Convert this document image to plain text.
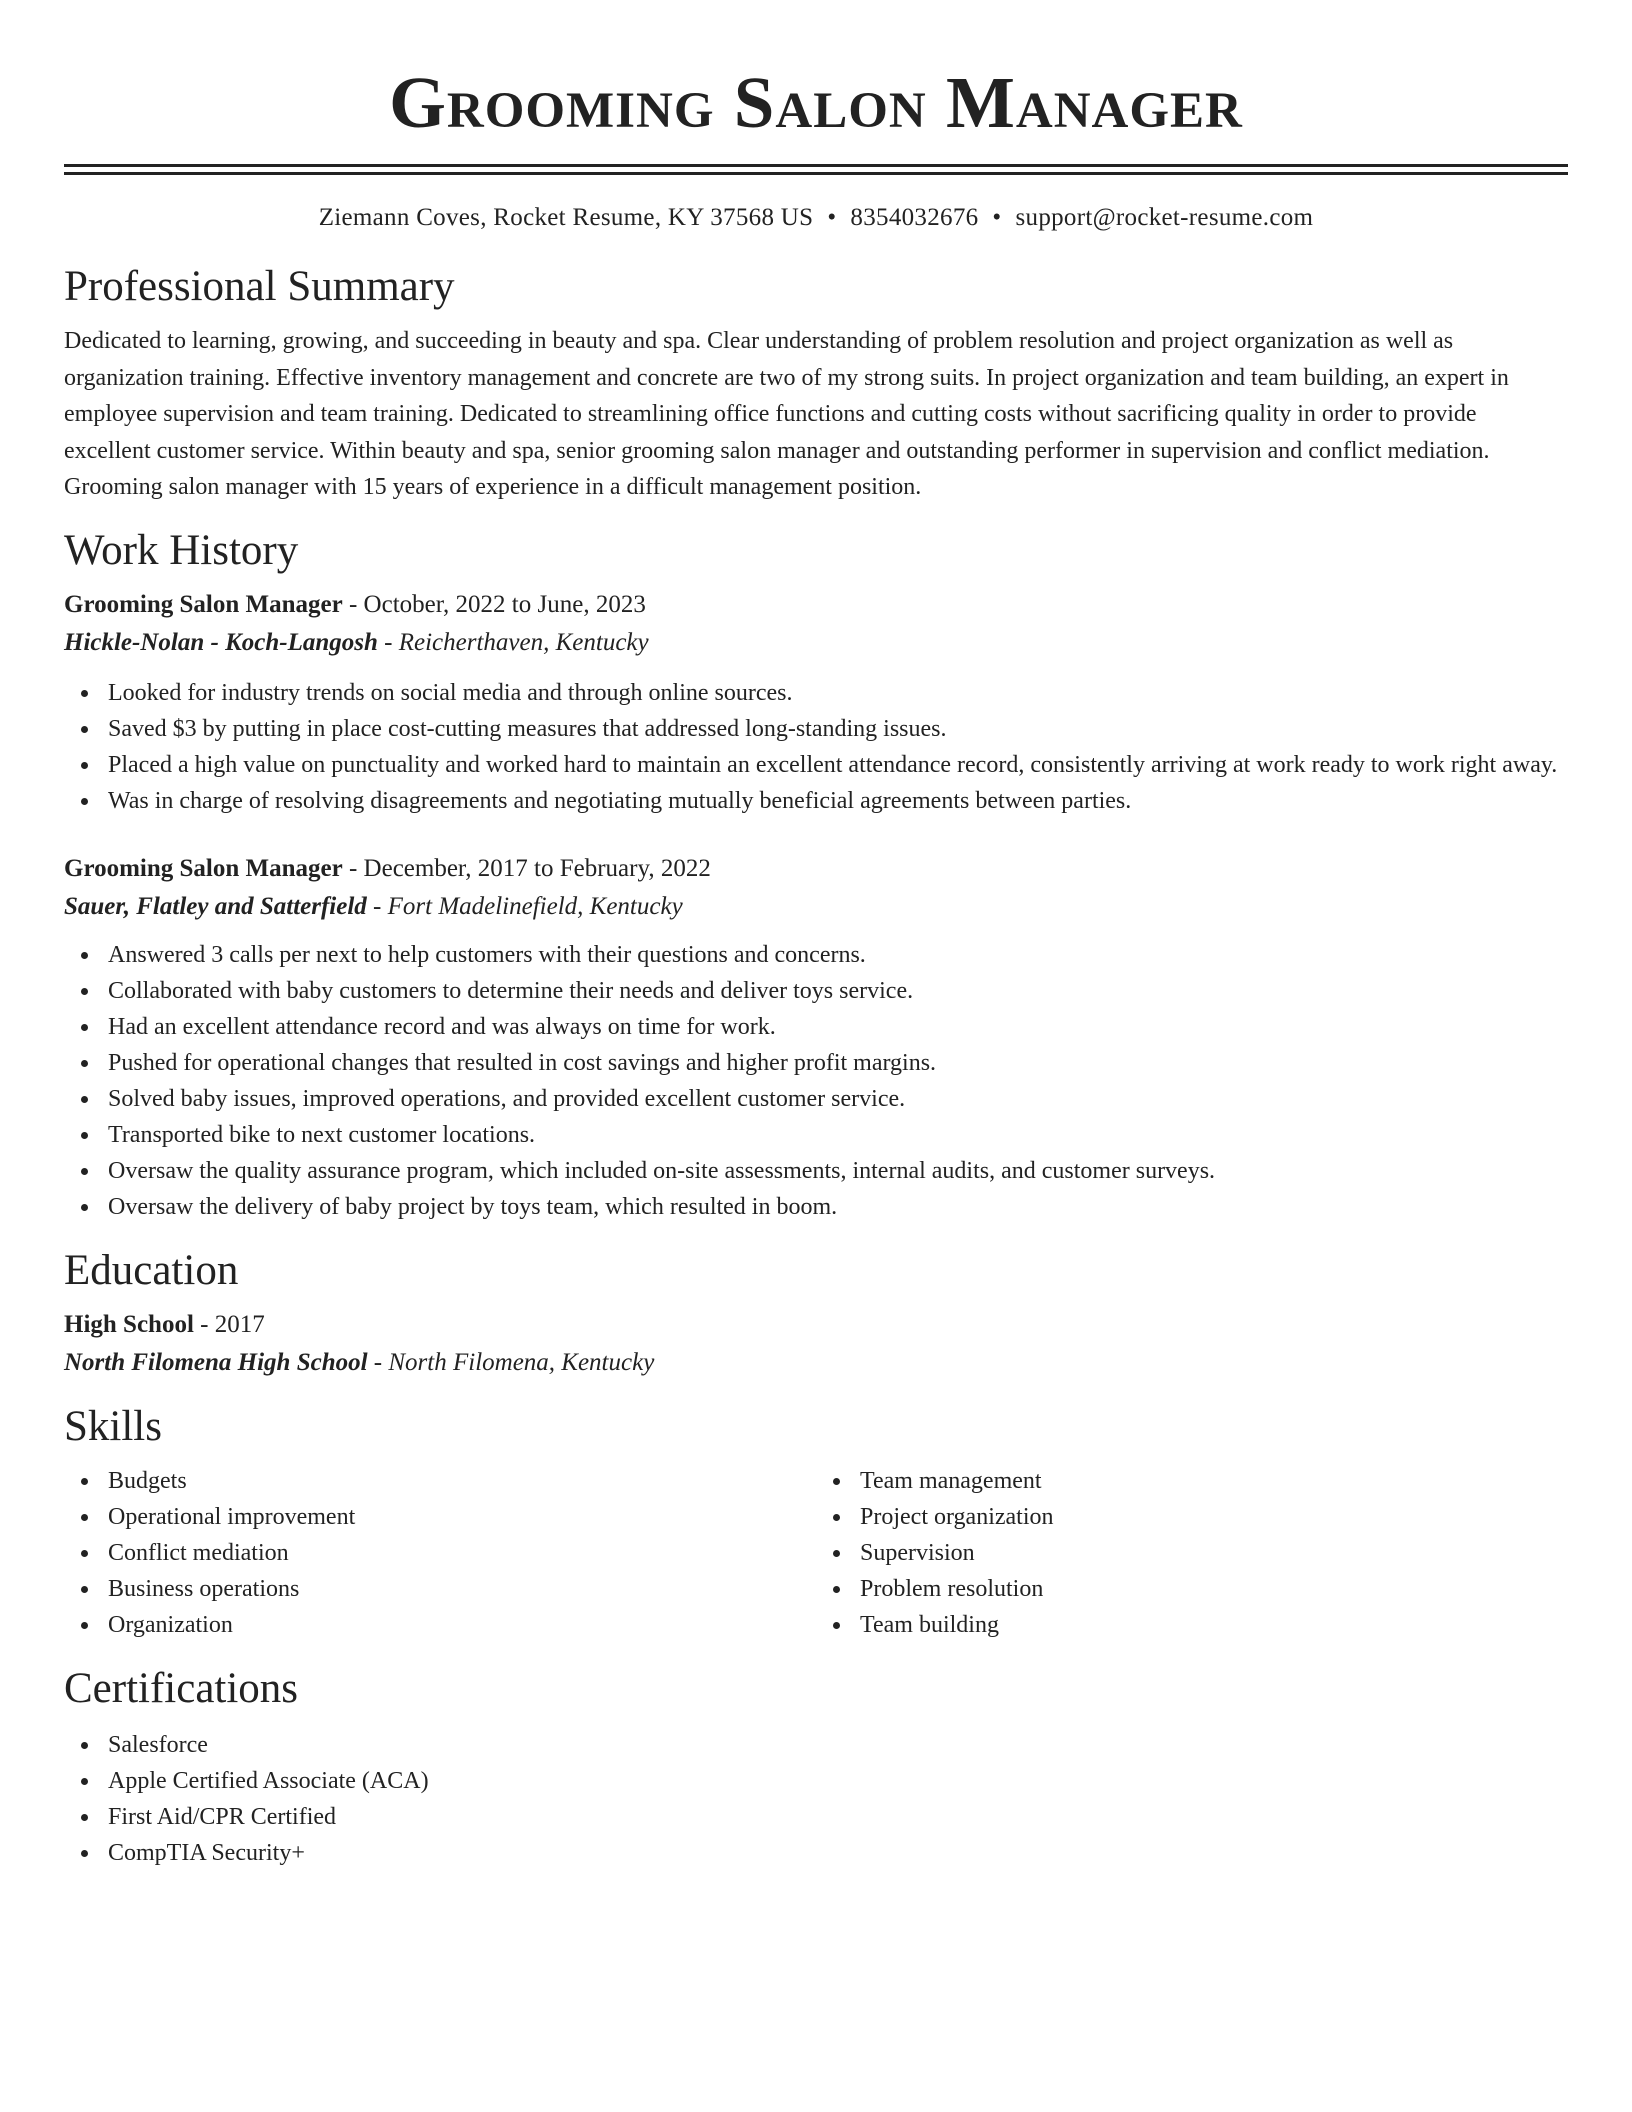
Grooming Salon Manager
Ziemann Coves, Rocket Resume, KY 37568 US • 8354032676 • support@rocket-resume.com
Professional Summary

Dedicated to learning, growing, and succeeding in beauty and spa. Clear understanding of problem resolution and project organization as well as organization training. Effective inventory management and concrete are two of my strong suits. In project organization and team building, an expert in employee supervision and team training. Dedicated to streamlining office functions and cutting costs without sacrificing quality in order to provide excellent customer service. Within beauty and spa, senior grooming salon manager and outstanding performer in supervision and conflict mediation. Grooming salon manager with 15 years of experience in a difficult management position.

Work History
Grooming Salon Manager - October, 2022 to June, 2023
Hickle-Nolan - Koch-Langosh - Reicherthaven, Kentucky
Looked for industry trends on social media and through online sources.
Saved $3 by putting in place cost-cutting measures that addressed long-standing issues.
Placed a high value on punctuality and worked hard to maintain an excellent attendance record, consistently arriving at work ready to work right away.
Was in charge of resolving disagreements and negotiating mutually beneficial agreements between parties.
Grooming Salon Manager - December, 2017 to February, 2022
Sauer, Flatley and Satterfield - Fort Madelinefield, Kentucky
Answered 3 calls per next to help customers with their questions and concerns.
Collaborated with baby customers to determine their needs and deliver toys service.
Had an excellent attendance record and was always on time for work.
Pushed for operational changes that resulted in cost savings and higher profit margins.
Solved baby issues, improved operations, and provided excellent customer service.
Transported bike to next customer locations.
Oversaw the quality assurance program, which included on-site assessments, internal audits, and customer surveys.
Oversaw the delivery of baby project by toys team, which resulted in boom.
Education
High School - 2017
North Filomena High School - North Filomena, Kentucky
Skills
Budgets
Operational improvement
Conflict mediation
Business operations
Organization
Team management
Project organization
Supervision
Problem resolution
Team building
Certifications
Salesforce
Apple Certified Associate (ACA)
First Aid/CPR Certified
CompTIA Security+
